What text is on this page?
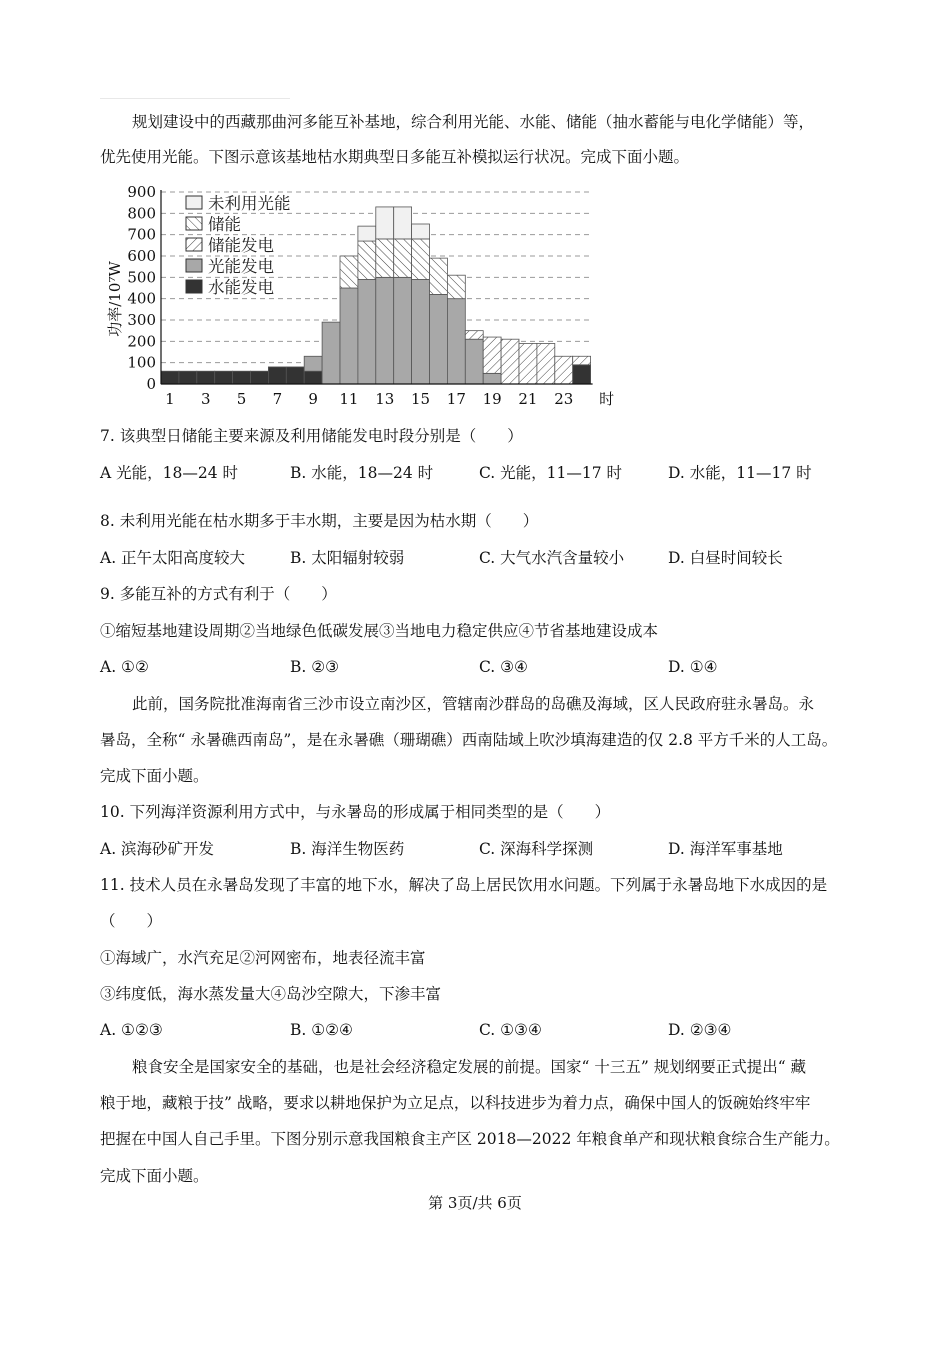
规划建设中的西藏那曲河多能互补基地，综合利用光能、水能、储能（抽水蓄能与电化学储能）等，
优先使用光能。下图示意该基地枯水期典型日多能互补模拟运行状况。完成下面小题。
0
100
200
300
400
500
600
700
800
900
1 3 5 7 9 11 13 15 17 19 21 23 时
功率/10⁷W
未利用光能
储能
储能发电
光能发电
水能发电
7. 该典型日储能主要来源及利用储能发电时段分别是（　　）
A 光能，18—24 时	B. 水能，18—24 时	C. 光能，11—17 时	D. 水能，11—17 时
8. 未利用光能在枯水期多于丰水期，主要是因为枯水期（　　）
A. 正午太阳高度较大	B. 太阳辐射较弱	C. 大气水汽含量较小	D. 白昼时间较长
9. 多能互补的方式有利于（　　）
①缩短基地建设周期②当地绿色低碳发展③当地电力稳定供应④节省基地建设成本
A. ①②	B. ②③	C. ③④	D. ①④
此前，国务院批准海南省三沙市设立南沙区，管辖南沙群岛的岛礁及海域，区人民政府驻永暑岛。永
暑岛，全称“ 永暑礁西南岛”，是在永暑礁（珊瑚礁）西南陆域上吹沙填海建造的仅 2.8 平方千米的人工岛。
完成下面小题。
10. 下列海洋资源利用方式中，与永暑岛的形成属于相同类型的是（　　）
A. 滨海砂矿开发	B. 海洋生物医药	C. 深海科学探测	D. 海洋军事基地
11. 技术人员在永暑岛发现了丰富的地下水，解决了岛上居民饮用水问题。下列属于永暑岛地下水成因的是
（　　）
①海域广，水汽充足②河网密布，地表径流丰富
③纬度低，海水蒸发量大④岛沙空隙大，下渗丰富
A. ①②③	B. ①②④	C. ①③④	D. ②③④
粮食安全是国家安全的基础，也是社会经济稳定发展的前提。国家“ 十三五” 规划纲要正式提出“ 藏
粮于地，藏粮于技” 战略，要求以耕地保护为立足点，以科技进步为着力点，确保中国人的饭碗始终牢牢
把握在中国人自己手里。下图分别示意我国粮食主产区 2018—2022 年粮食单产和现状粮食综合生产能力。
完成下面小题。
第 3页/共 6页
